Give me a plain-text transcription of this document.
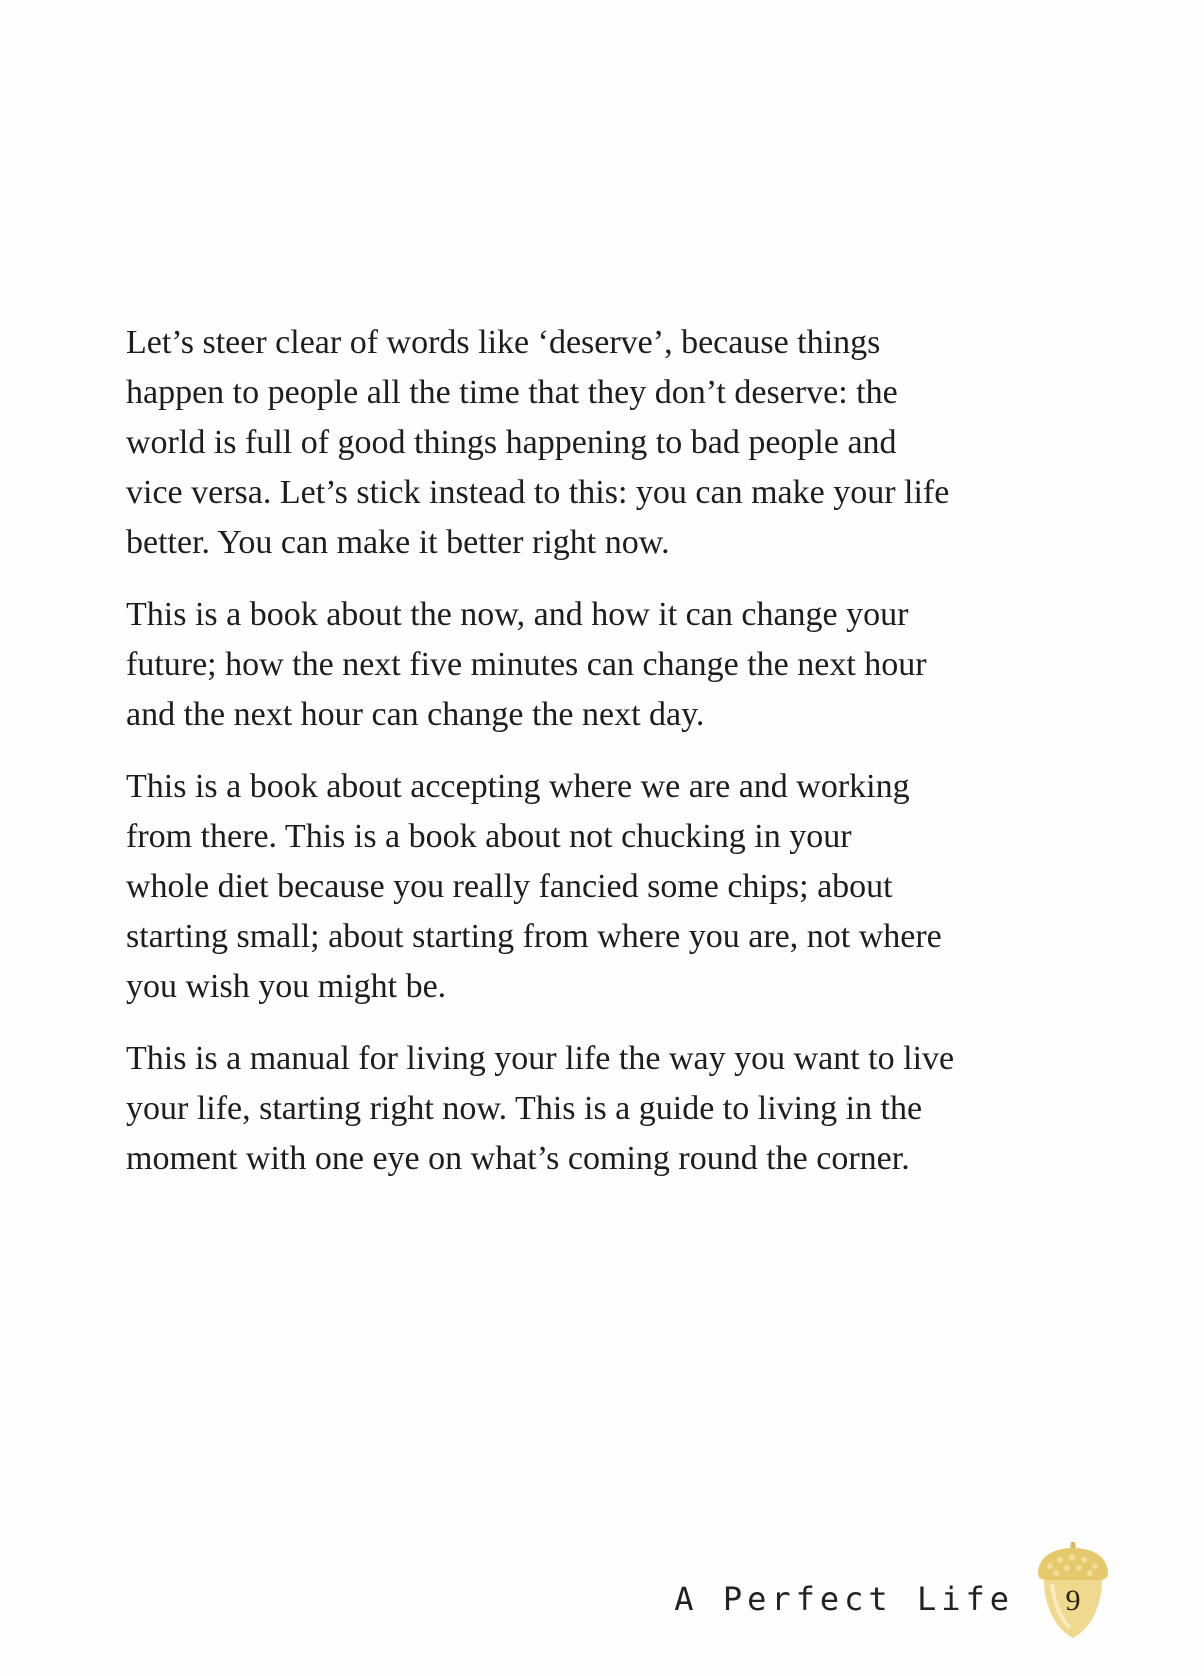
Let’s steer clear of words like ‘deserve’, because things
happen to people all the time that they don’t deserve: the
world is full of good things happening to bad people and
vice versa. Let’s stick instead to this: you can make your life
better. You can make it better right now.

This is a book about the now, and how it can change your
future; how the next five minutes can change the next hour
and the next hour can change the next day.

This is a book about accepting where we are and working
from there. This is a book about not chucking in your
whole diet because you really fancied some chips; about
starting small; about starting from where you are, not where
you wish you might be.

This is a manual for living your life the way you want to live
your life, starting right now. This is a guide to living in the
moment with one eye on what’s coming round the corner.

A Perfect Life	9
